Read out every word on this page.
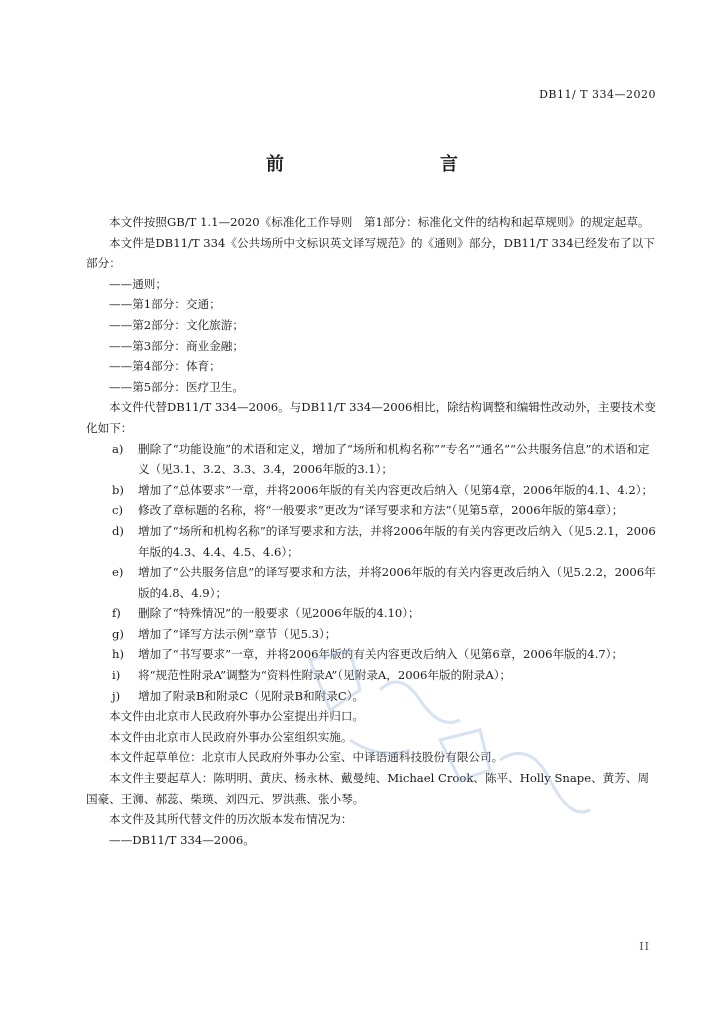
DB11/ T 334—2020
前　　言

本文件按照GB/T 1.1—2020《标准化工作导则　第1部分：标准化文件的结构和起草规则》的规定起草。

本文件是DB11/T 334《公共场所中文标识英文译写规范》的《通则》部分，DB11/T 334已经发布了以下部分：

——通则；

——第1部分：交通；

——第2部分：文化旅游；

——第3部分：商业金融；

——第4部分：体育；

——第5部分：医疗卫生。

本文件代替DB11/T 334—2006。与DB11/T 334—2006相比，除结构调整和编辑性改动外，主要技术变化如下：

a) 删除了“功能设施”的术语和定义，增加了“场所和机构名称”“专名”“通名”“公共服务信息”的术语和定义（见3.1、3.2、3.3、3.4，2006年版的3.1）；
b) 增加了“总体要求”一章，并将2006年版的有关内容更改后纳入（见第4章，2006年版的4.1、4.2）；
c) 修改了章标题的名称，将“一般要求”更改为“译写要求和方法”（见第5章，2006年版的第4章）；
d) 增加了“场所和机构名称”的译写要求和方法，并将2006年版的有关内容更改后纳入（见5.2.1，2006年版的4.3、4.4、4.5、4.6）；
e) 增加了“公共服务信息”的译写要求和方法，并将2006年版的有关内容更改后纳入（见5.2.2，2006年版的4.8、4.9）；
f) 删除了“特殊情况”的一般要求（见2006年版的4.10）；
g) 增加了“译写方法示例”章节（见5.3）；
h) 增加了“书写要求”一章，并将2006年版的有关内容更改后纳入（见第6章，2006年版的4.7）；
i) 将“规范性附录A”调整为“资料性附录A”（见附录A，2006年版的附录A）；
j) 增加了附录B和附录C（见附录B和附录C）。

本文件由北京市人民政府外事办公室提出并归口。

本文件由北京市人民政府外事办公室组织实施。

本文件起草单位：北京市人民政府外事办公室、中译语通科技股份有限公司。

本文件主要起草人：陈明明、黄庆、杨永林、戴曼纯、Michael Crook、陈平、Holly Snape、黄芳、周国豪、王浉、郝蕊、柴瑛、刘四元、罗洪燕、张小琴。

本文件及其所代替文件的历次版本发布情况为：

——DB11/T 334—2006。

II
